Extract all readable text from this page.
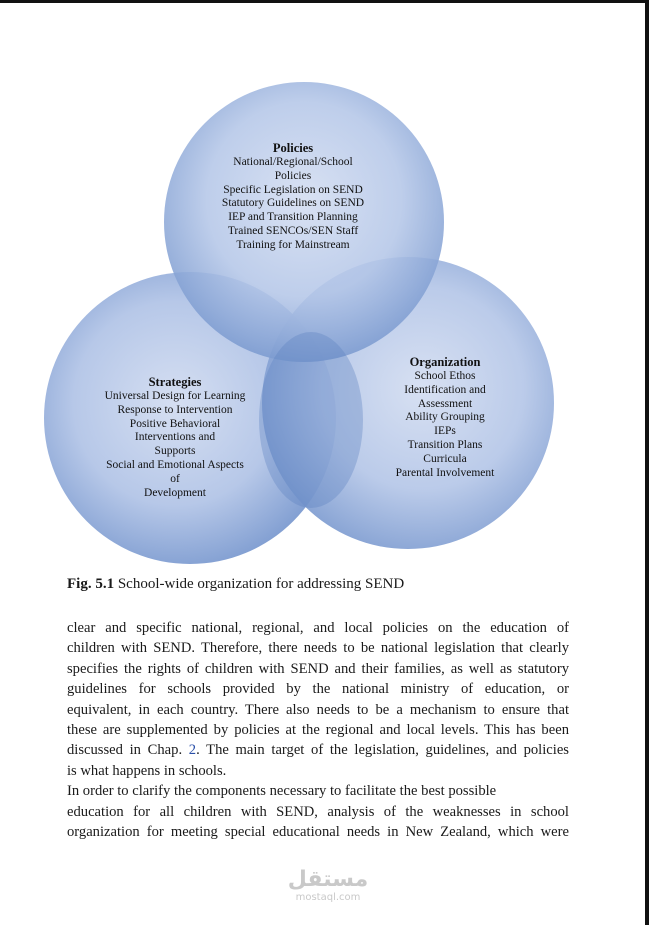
Policies
National/Regional/School
Policies
Specific Legislation on SEND
Statutory Guidelines on SEND
IEP and Transition Planning
Trained SENCOs/SEN Staff
Training for Mainstream
Strategies
Universal Design for Learning
Response to Intervention
Positive Behavioral
Interventions and
Supports
Social and Emotional Aspects
of
Development
Organization
School Ethos
Identification and
Assessment
Ability Grouping
IEPs
Transition Plans
Curricula
Parental Involvement
Fig. 5.1 School-wide organization for addressing SEND

clear and specific national, regional, and local policies on the education of
children with SEND. Therefore, there needs to be national legislation that clearly
specifies the rights of children with SEND and their families, as well as statutory
guidelines for schools provided by the national ministry of education, or
equivalent, in each country. There also needs to be a mechanism to ensure that
these are supplemented by policies at the regional and local levels. This has been
discussed in Chap. 2. The main target of the legislation, guidelines, and policies
is what happens in schools.

In order to clarify the components necessary to facilitate the best possible
education for all children with SEND, analysis of the weaknesses in school
organization for meeting special educational needs in New Zealand, which were

مستقل
mostaql.com
